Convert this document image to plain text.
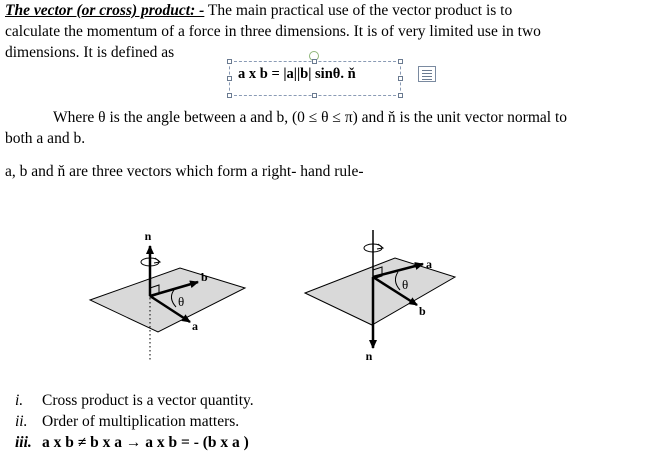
The vector (or cross) product: - The main practical use of the vector product is to
calculate the momentum of a force in three dimensions. It is of very limited use in two
dimensions. It is defined as
a x b = |a||b| sinθ. ň
Where θ is the angle between a and b, (0 ≤ θ ≤ π) and ň is the unit vector normal to
both a and b.
a, b and ň are three vectors which form a right- hand rule-
n
b
a
θ
n
a
b
θ
i. Cross product is a vector quantity.
ii. Order of multiplication matters.
iii. a x b ≠ b x a → a x b = - (b x a )
